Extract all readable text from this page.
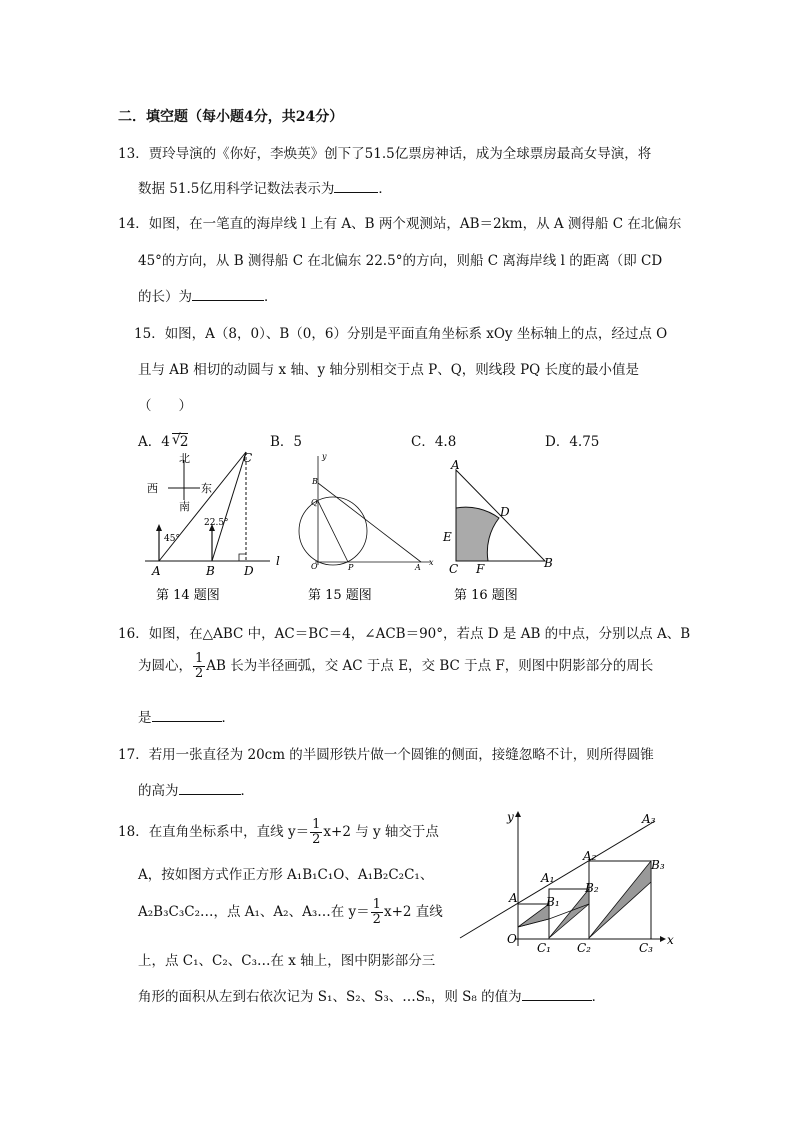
二．填空题（每小题4分，共24分）
13．贾玲导演的《你好，李焕英》创下了51.5亿票房神话，成为全球票房最高女导演，将
数据 51.5亿用科学记数法表示为	．
14．如图，在一笔直的海岸线 l 上有 A、B 两个观测站，AB＝2km，从 A 测得船 C 在北偏东
45°的方向，从 B 测得船 C 在北偏东 22.5°的方向，则船 C 离海岸线 l 的距离（即 CD
的长）为	．
15．如图，A（8，0）、B（0，6）分别是平面直角坐标系 xOy 坐标轴上的点，经过点 O
且与 AB 相切的动圆与 x 轴、y 轴分别相交于点 P、Q，则线段 PQ 长度的最小值是
（　　）
A．4 √ 2	B．5	C．4.8	D．4.75
北
西	东
南
45°
22.5°
C
A	B D
l
第 14 题图
y
B
Q
O	P	A
x
第 15 题图
A
D
E
C F	B
第 16 题图
16．如图，在△ABC 中，AC＝BC＝4，∠ACB＝90°，若点 D 是 AB 的中点，分别以点 A、B
为圆心， $\frac{1}{2}$ AB 长为半径画弧，交 AC 于点 E，交 BC 于点 F，则图中阴影部分的周长
是	．
17．若用一张直径为 20cm 的半圆形铁片做一个圆锥的侧面，接缝忽略不计，则所得圆锥
的高为	．
18．在直角坐标系中，直线 $y= \frac{1}{2} x+2$ 与 y 轴交于点
A，按如图方式作正方形 A₁B₁C₁O、A₁B₂C₂C₁、
A₂B₃C₃C₂…，点 A₁、A₂、A₃…在 $y= \frac{1}{2} x+2$ 直线
上，点 C₁、C₂、C₃…在 x 轴上，图中阴影部分三
角形的面积从左到右依次记为 S₁、S₂、S₃、…Sₙ，则 S₈ 的值为	．
y
x
A₃
A₂
B₃
A₁
B₂
A B₁
O
C₁ C₂	C₃
